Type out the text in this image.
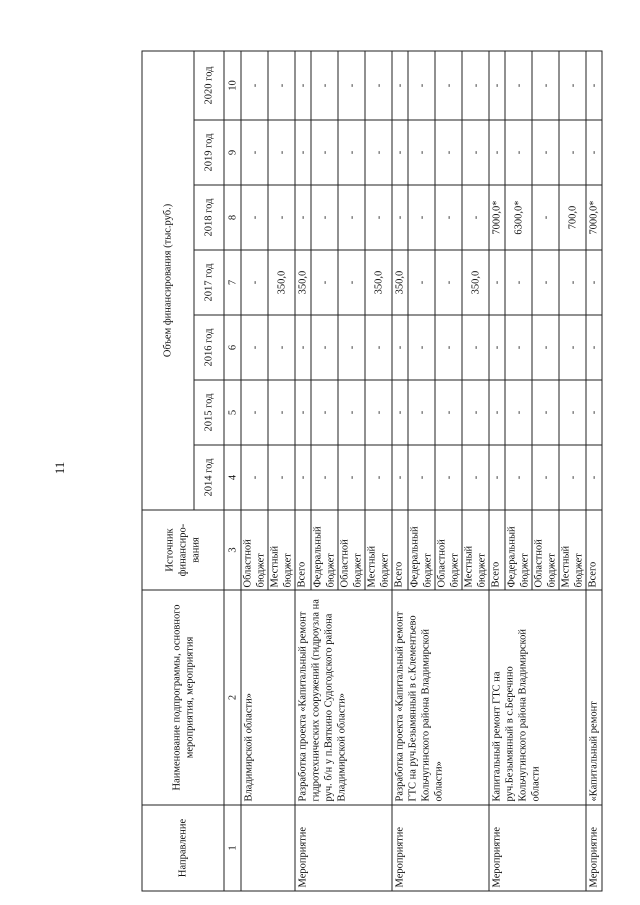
11
Направление	Наименование подпрограммы, основного мероприятия, мероприятия	Источник финансиро-вания	Объем финансирования (тыс.руб.)						
			2014 год	2015 год	2016 год	2017 год	2018 год	2019 год	2020 год
1	2	3	4	5	6	7	8	9	10
	Владимирской области»	Областной бюджет	-	-	-	-	-	-	-
		Местный бюджет	-	-	-	350,0	-	-	-
Мероприятие	Разработка проекта «Капитальный ремонт гидротехнических сооружений (гидроузла на руч. б/н у п.Вяткино Судогодского района Владимирской области»	Всего	-	-	-	350,0	-	-	-
		Федеральный бюджет	-	-	-	-	-	-	-
		Областной бюджет	-	-	-	-	-	-	-
		Местный бюджет	-	-	-	350,0	-	-	-
Мероприятие	Разработка проекта «Капитальный ремонт ГТС на руч.Безымянный в с.Клементьево Кольчугинского района Владимирской области»	Всего	-	-	-	350,0	-	-	-
		Федеральный бюджет	-	-	-	-	-	-	-
		Областной бюджет	-	-	-	-	-	-	-
		Местный бюджет	-	-	-	350,0	-	-	-
Мероприятие	Капитальный ремонт ГТС на руч.Безымянный в с.Беречино Кольчугинского района Владимирской области	Всего	-	-	-	-	7000,0*	-	-
		Федеральный бюджет	-	-	-	-	6300,0*	-	-
		Областной бюджет	-	-	-	-	-	-	-
		Местный бюджет	-	-	-	-	700,0	-	-
Мероприятие	«Капитальный ремонт	Всего	-	-	-	-	7000,0*	-	-
